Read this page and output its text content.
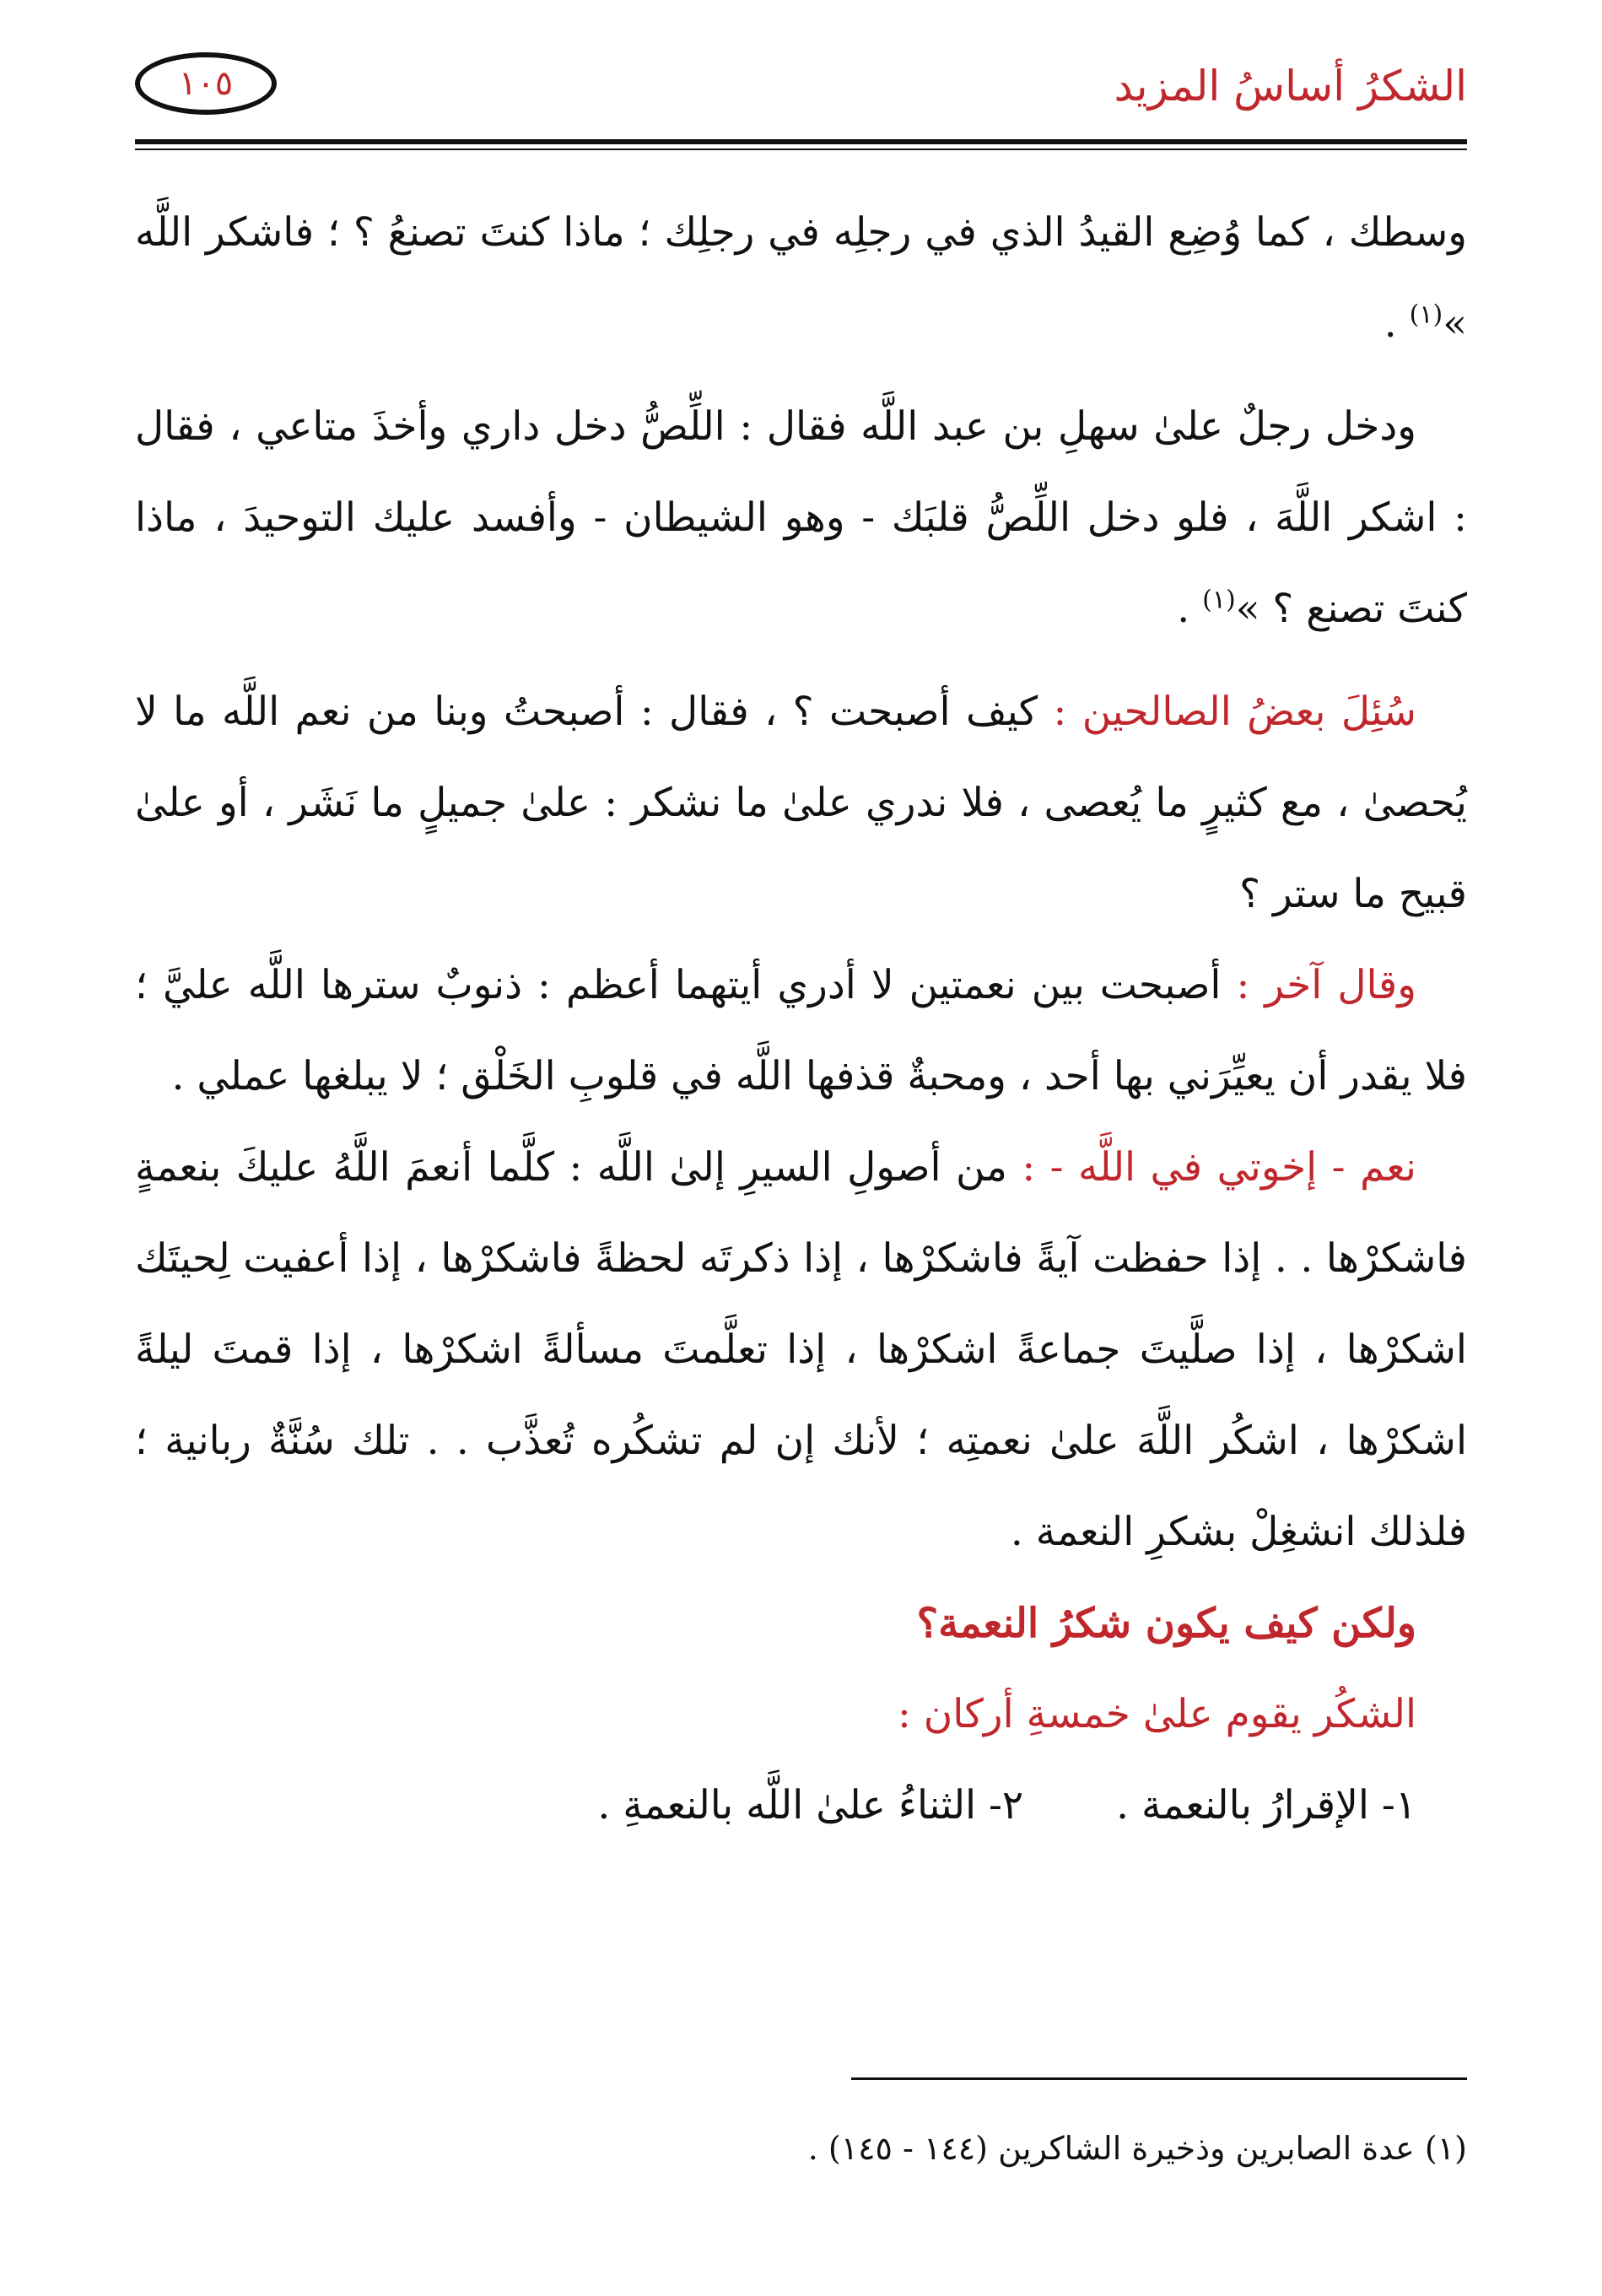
الشكرُ أساسُ المزيد
١٠٥

وسطك ، كما وُضِع القيدُ الذي في رجلِه في رجلِك ؛ ماذا كنتَ تصنعُ ؟ ؛ فاشكر اللَّه »$^{(١)}$ .

ودخل رجلٌ علىٰ سهلِ بن عبد اللَّه فقال : اللِّصُّ دخل داري وأخذَ متاعي ، فقال : اشكر اللَّهَ ، فلو دخل اللِّصُّ قلبَك - وهو الشيطان - وأفسد عليك التوحيدَ ، ماذا كنتَ تصنع ؟ »$^{(١)}$ .

سُئِلَ بعضُ الصالحين : كيف أصبحت ؟ ، فقال : أصبحتُ وبنا من نعم اللَّه ما لا يُحصىٰ ، مع كثيرٍ ما يُعصى ، فلا ندري علىٰ ما نشكر : علىٰ جميلٍ ما نَشَر ، أو علىٰ قبيح ما ستر ؟

وقال آخر : أصبحت بين نعمتين لا أدري أيتهما أعظم : ذنوبٌ سترها اللَّه عليَّ ؛ فلا يقدر أن يعيِّرَني بها أحد ، ومحبةٌ قذفها اللَّه في قلوبِ الخَلْق ؛ لا يبلغها عملي .

نعم - إخوتي في اللَّه - : من أصولِ السيرِ إلىٰ اللَّه : كلَّما أنعمَ اللَّهُ عليكَ بنعمةٍ فاشكرْها . . إذا حفظت آيةً فاشكرْها ، إذا ذكرتَه لحظةً فاشكرْها ، إذا أعفيت لِحيتَك اشكرْها ، إذا صلَّيتَ جماعةً اشكرْها ، إذا تعلَّمتَ مسألةً اشكرْها ، إذا قمتَ ليلةً اشكرْها ، اشكُر اللَّهَ علىٰ نعمتِه ؛ لأنك إن لم تشكُره تُعذَّب . . تلك سُنَّةٌ ربانية ؛ فلذلك انشغِلْ بشكرِ النعمة .

ولكن كيف يكون شكرُ النعمة؟

الشكُر يقوم علىٰ خمسةِ أركان :

١- الإقرارُ بالنعمة .
٢- الثناءُ علىٰ اللَّه بالنعمةِ .
(١) عدة الصابرين وذخيرة الشاكرين (١٤٤ - ١٤٥) .
